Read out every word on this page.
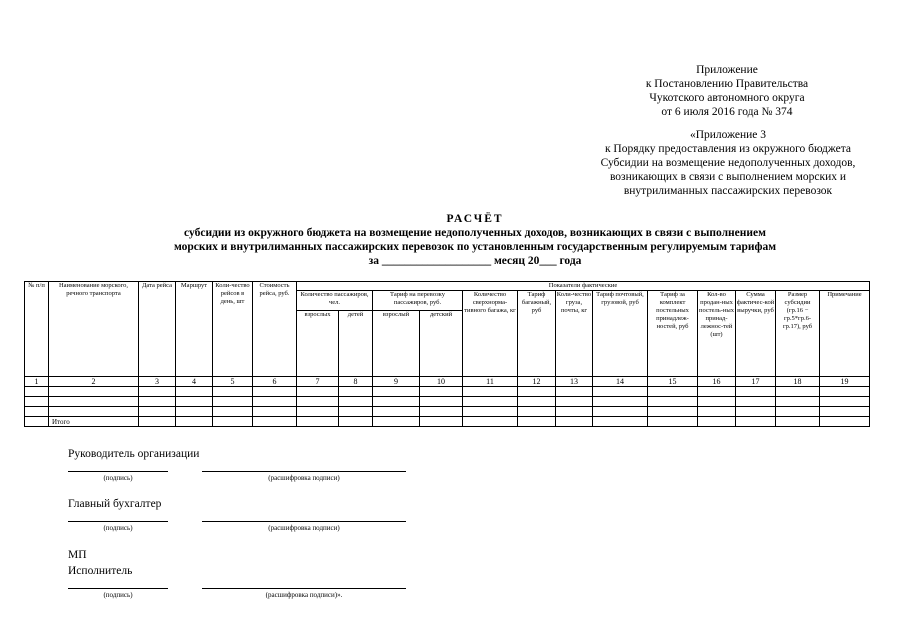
Приложение
к Постановлению Правительства
Чукотского автономного округа
от 6 июля 2016 года № 374
«Приложение 3
к Порядку предоставления из окружного бюджета
Субсидии на возмещение недополученных доходов,
возникающих в связи с выполнением морских и
внутрилиманных пассажирских перевозок
РАСЧЁТ
субсидии из окружного бюджета на возмещение недополученных доходов, возникающих в связи с выполнением
морских и внутрилиманных пассажирских перевозок по установленным государственным регулируемым тарифам
за ___________________ месяц 20___ года
№ п/п	Наименование морского, речного транспорта	Дата рейса	Маршрут	Коли-чество рейсов в день, шт	Стоимость рейса, руб.	Показатели фактические												
						Количество пассажиров, чел.		Тариф на перевозку пассажиров, руб.		Количество сверхнорма-тивного багажа, кг	Тариф багажный, руб	Коли-чество груза, почты, кг	Тариф почтовый, грузовой, руб	Тариф за комплект постельных принадлеж-ностей, руб	Кол-во продан-ных постель-ных принад-лежнос-тей (шт)	Сумма фактичес-кой выручки, руб	Размер субсидии (гр.16 − гр.5*гр.6-гр.17), руб	Примечание
						взрослых	детей	взрослый	детский									
1	2	3	4	5	6	7	8	9	10	11	12	13	14	15	16	17	18	19

	Итого																	
Руководитель организации
(подпись)	(расшифровка подписи)
Главный бухгалтер
(подпись)	(расшифровка подписи)
МП
Исполнитель
(подпись)	(расшифровка подписи)».
